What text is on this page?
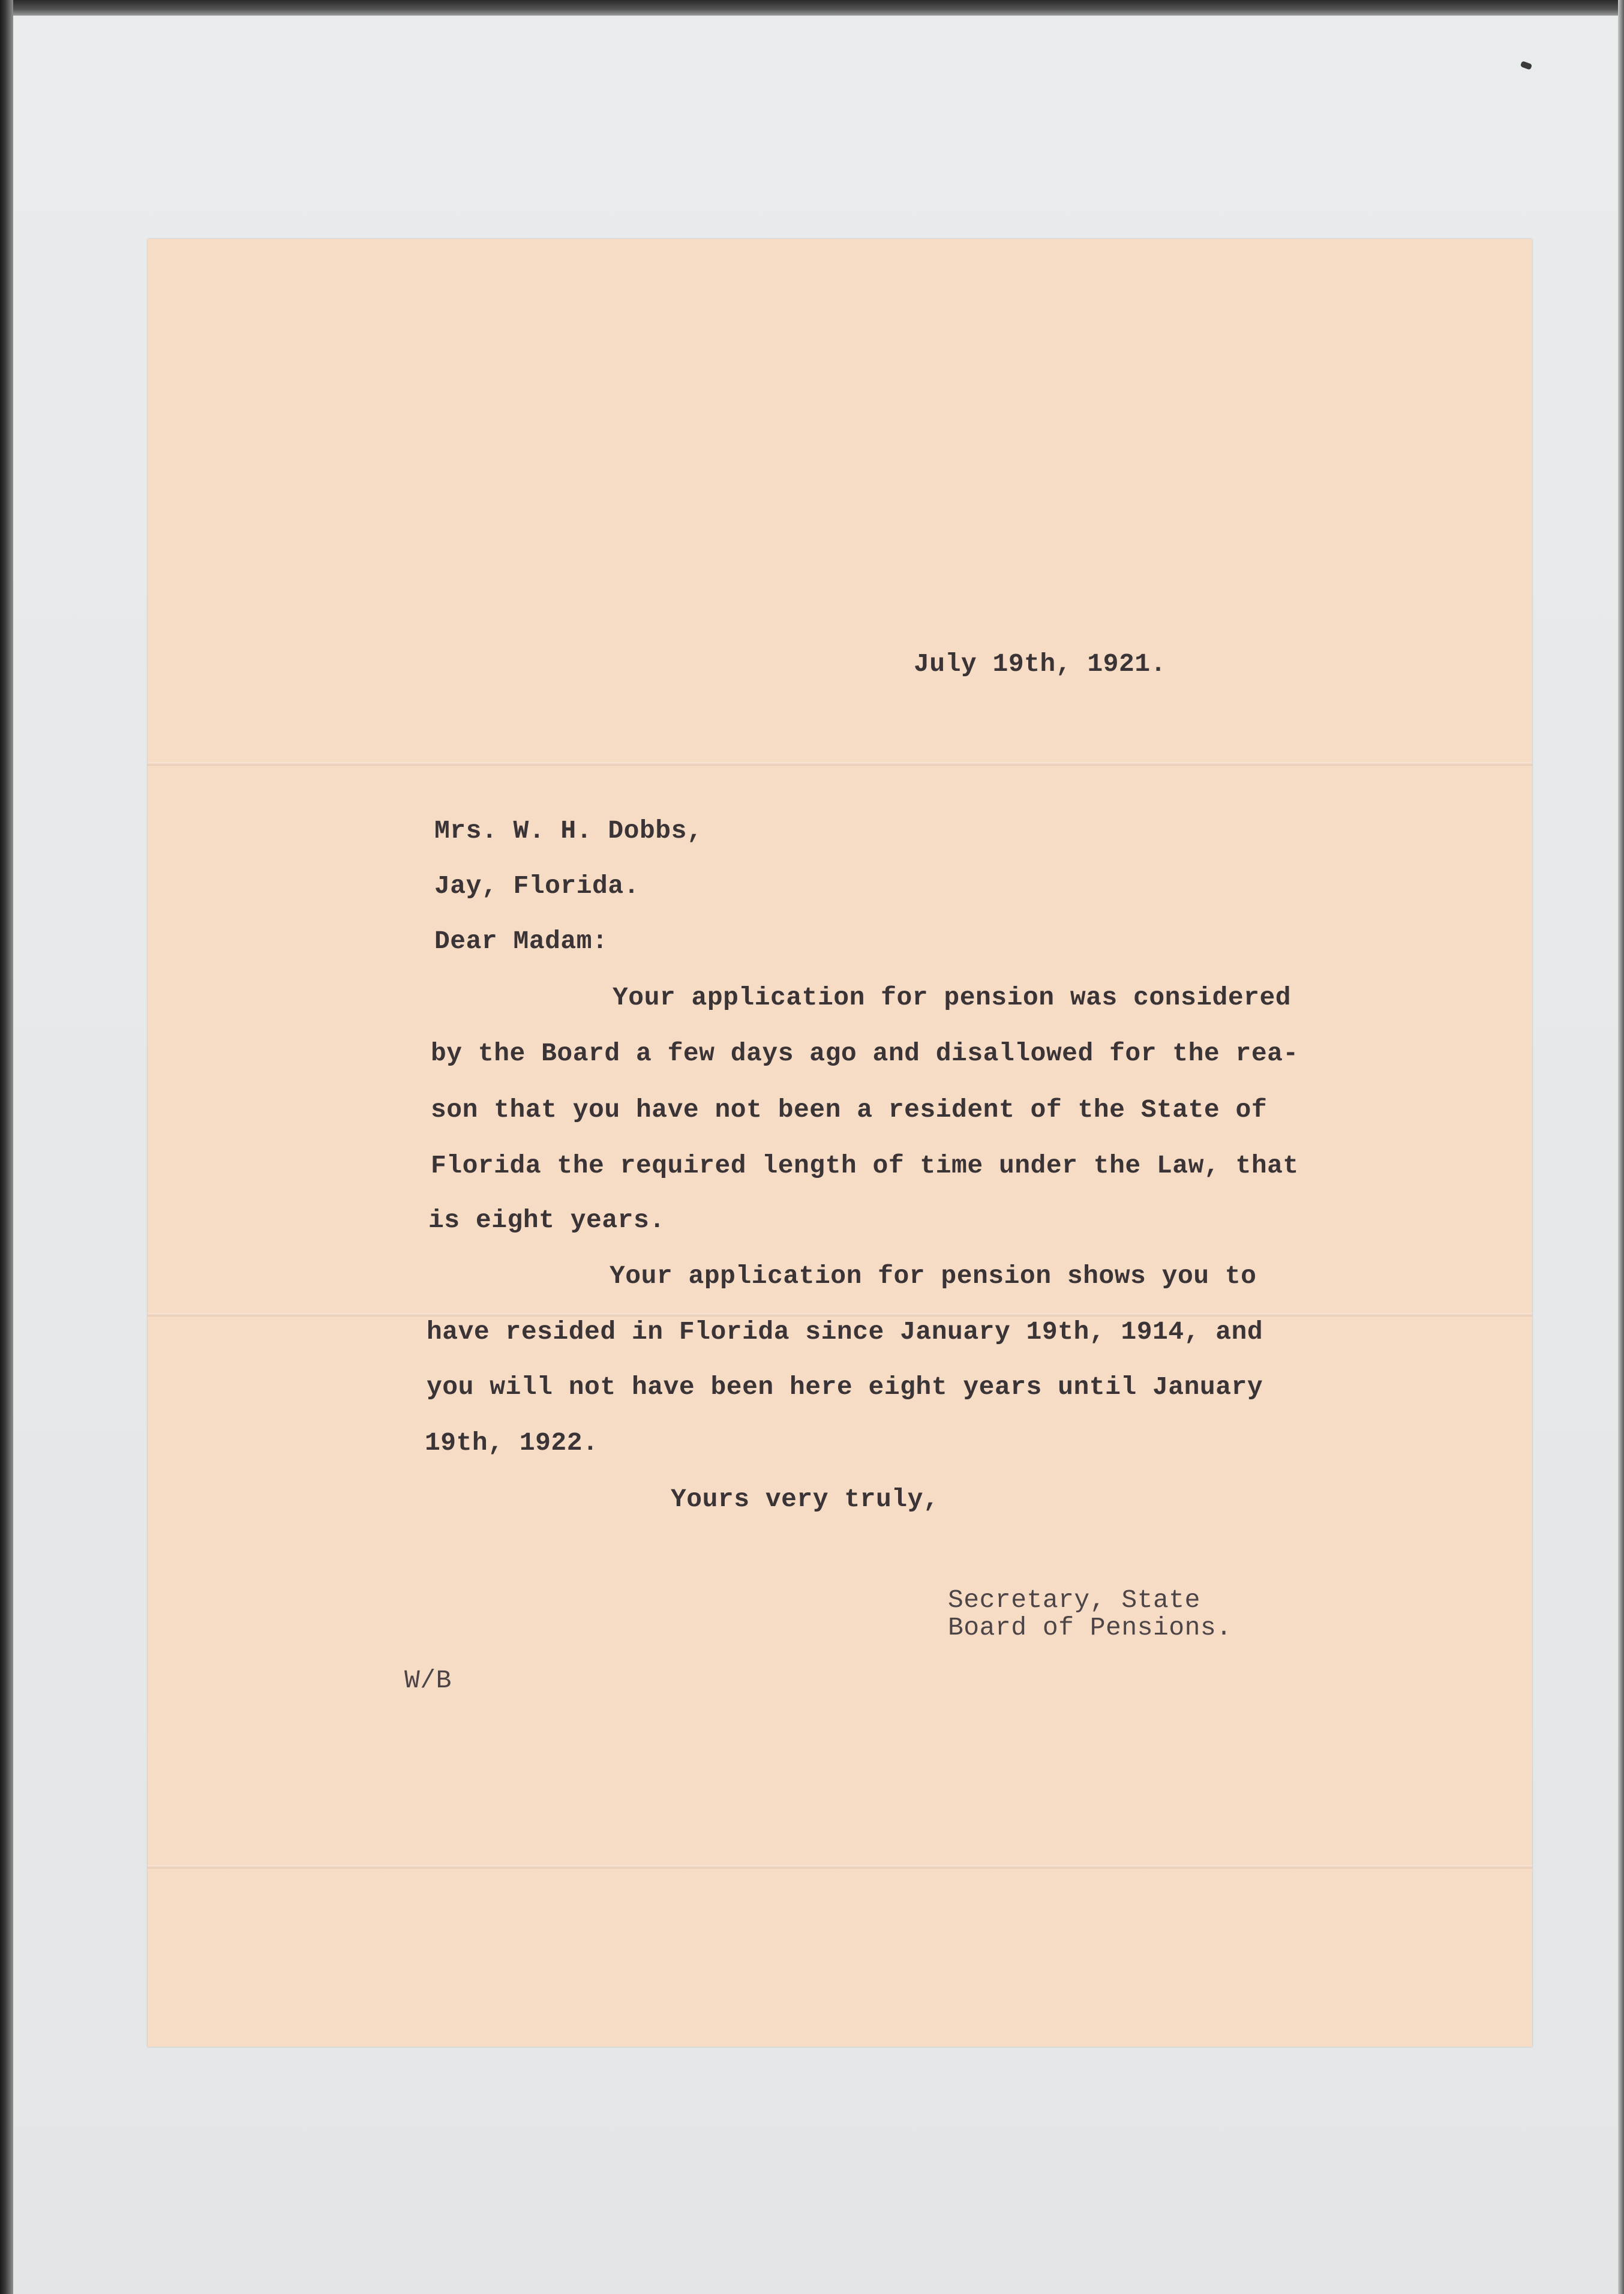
July 19th, 1921.
Mrs. W. H. Dobbs,
Jay, Florida.
Dear Madam:
Your application for pension was considered
by the Board a few days ago and disallowed for the rea-
son that you have not been a resident of the State of
Florida the required length of time under the Law, that
is eight years.
Your application for pension shows you to
have resided in Florida since January 19th, 1914, and
you will not have been here eight years until January
19th, 1922.
Yours very truly,
Secretary, State
Board of Pensions.
W/B
